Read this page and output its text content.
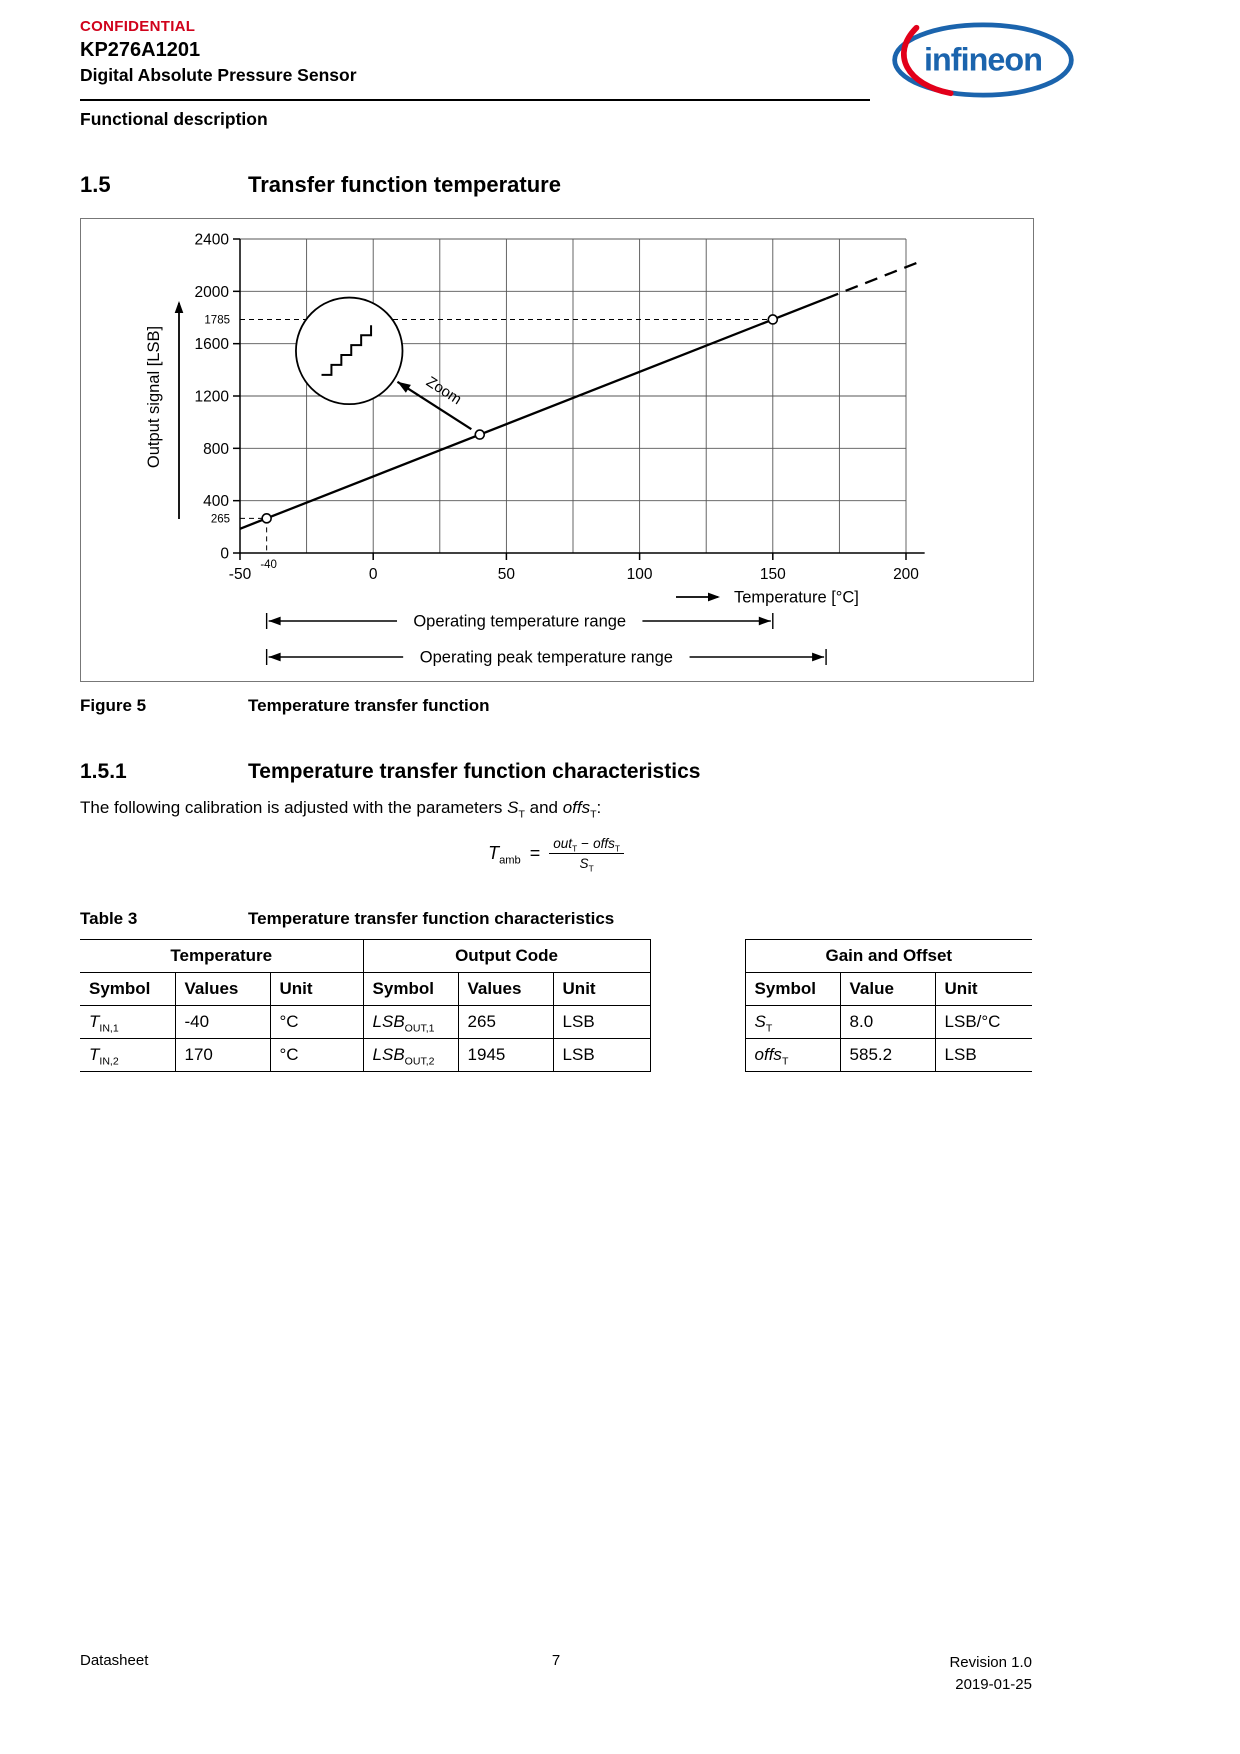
CONFIDENTIAL
KP276A1201
Digital Absolute Pressure Sensor	infineon
Functional description
1.5	Transfer function temperature
1785
265
-40
0
400
800
1200
1600
2000
2400
-50	0	50	100	150	200
Zoom
Temperature [°C]
Output signal [LSB]
Operating temperature range
Operating peak temperature range
Figure 5	Temperature transfer function
1.5.1	Temperature transfer function characteristics

The following calibration is adjusted with the parameters $S_T$ and offs$_T$:

$T_{amb} = \frac{out_T - offs_T}{S_T}$
Table 3	Temperature transfer function characteristics
Temperature			Output Code				Gain and Offset		
Symbol	Values	Unit	Symbol	Values	Unit		Symbol	Value	Unit
$T_{IN,1}$	-40	°C	$LSB_{OUT,1}$	265	LSB		$S_T$	8.0	LSB/°C
$T_{IN,2}$	170	°C	$LSB_{OUT,2}$	1945	LSB		offs$_T$	585.2	LSB
Datasheet	7	Revision 1.0
2019-01-25
